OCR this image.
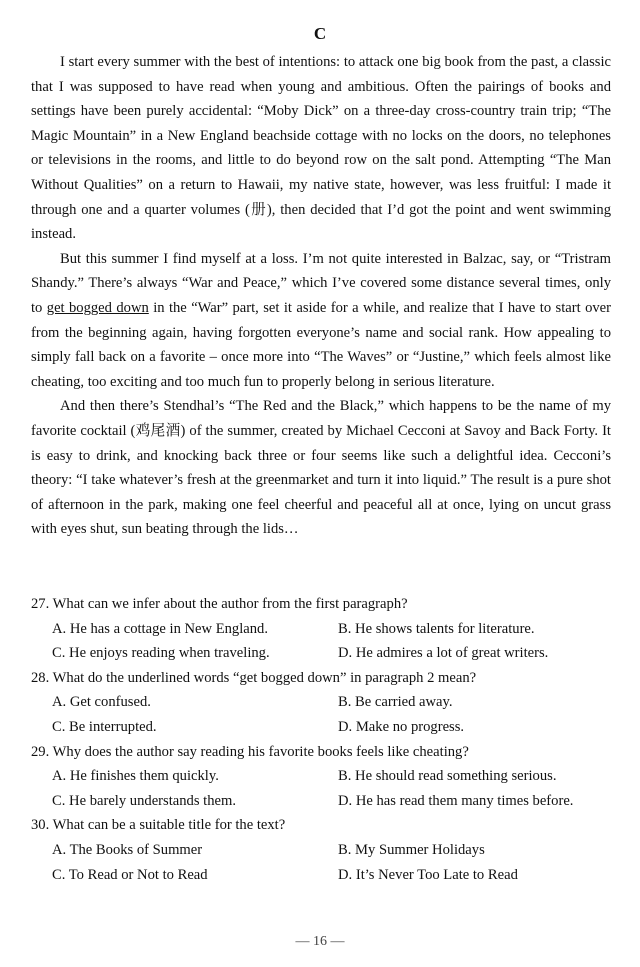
C

I start every summer with the best of intentions: to attack one big book from the past, a classic that I was supposed to have read when young and ambitious. Often the pairings of books and settings have been purely accidental: “Moby Dick” on a three-day cross-country train trip; “The Magic Mountain” in a New England beachside cottage with no locks on the doors, no telephones or televisions in the rooms, and little to do beyond row on the salt pond. Attempting “The Man Without Qualities” on a return to Hawaii, my native state, however, was less fruitful: I made it through one and a quarter volumes (册), then decided that I’d got the point and went swimming instead.

But this summer I find myself at a loss. I’m not quite interested in Balzac, say, or “Tristram Shandy.” There’s always “War and Peace,” which I’ve covered some distance several times, only to get bogged down in the “War” part, set it aside for a while, and realize that I have to start over from the beginning again, having forgotten everyone’s name and social rank. How appealing to simply fall back on a favorite – once more into “The Waves” or “Justine,” which feels almost like cheating, too exciting and too much fun to properly belong in serious literature.

And then there’s Stendhal’s “The Red and the Black,” which happens to be the name of my favorite cocktail (鸡尾酒) of the summer, created by Michael Cecconi at Savoy and Back Forty. It is easy to drink, and knocking back three or four seems like such a delightful idea. Cecconi’s theory: “I take whatever’s fresh at the greenmarket and turn it into liquid.” The result is a pure shot of afternoon in the park, making one feel cheerful and peaceful all at once, lying on uncut grass with eyes shut, sun beating through the lids…

27. What can we infer about the author from the first paragraph?

A. He has a cottage in New England.	B. He shows talents for literature.
C. He enjoys reading when traveling.	D. He admires a lot of great writers.

28. What do the underlined words “get bogged down” in paragraph 2 mean?

A. Get confused.	B. Be carried away.
C. Be interrupted.	D. Make no progress.

29. Why does the author say reading his favorite books feels like cheating?

A. He finishes them quickly.	B. He should read something serious.
C. He barely understands them.	D. He has read them many times before.

30. What can be a suitable title for the text?

A. The Books of Summer	B. My Summer Holidays
C. To Read or Not to Read	D. It’s Never Too Late to Read
— 16 —
